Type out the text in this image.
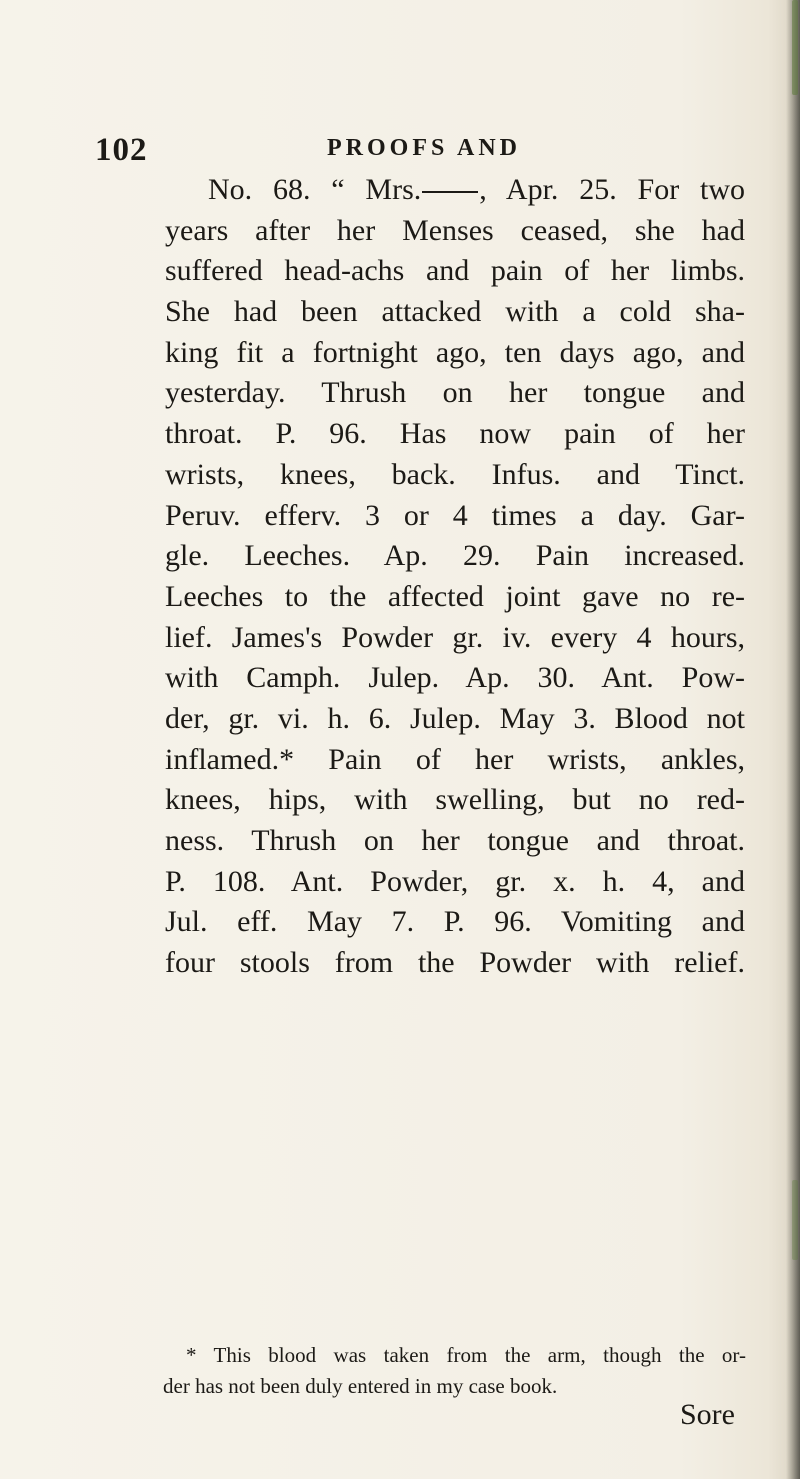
102	PROOFS AND
No. 68. “ Mrs. , Apr. 25. For two
years after her Menses ceased, she had
suffered head-achs and pain of her limbs.
She had been attacked with a cold sha-
king fit a fortnight ago, ten days ago, and
yesterday. Thrush on her tongue and
throat. P. 96. Has now pain of her
wrists, knees, back. Infus. and Tinct.
Peruv. efferv. 3 or 4 times a day. Gar-
gle. Leeches. Ap. 29. Pain increased.
Leeches to the affected joint gave no re-
lief. James's Powder gr. iv. every 4 hours,
with Camph. Julep. Ap. 30. Ant. Pow-
der, gr. vi. h. 6. Julep. May 3. Blood not
inflamed.* Pain of her wrists, ankles,
knees, hips, with swelling, but no red-
ness. Thrush on her tongue and throat.
P. 108. Ant. Powder, gr. x. h. 4, and
Jul. eff. May 7. P. 96. Vomiting and
four stools from the Powder with relief.
* This blood was taken from the arm, though the or-
der has not been duly entered in my case book.
Sore
